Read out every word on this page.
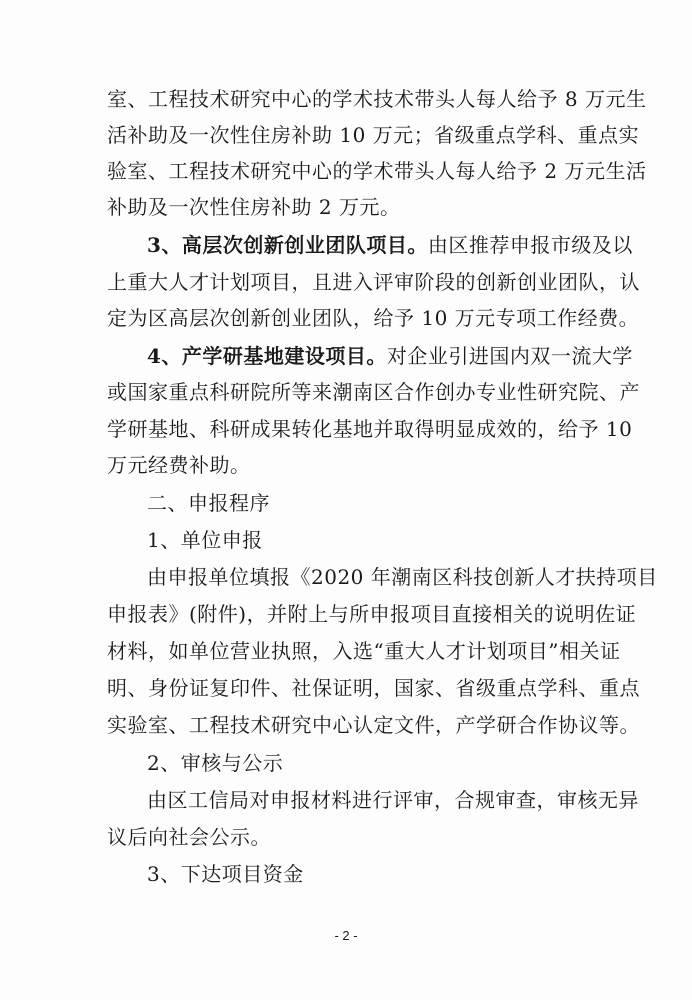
室、工程技术研究中心的学术技术带头人每人给予 8 万元生
活补助及一次性住房补助 10 万元；省级重点学科、重点实
验室、工程技术研究中心的学术带头人每人给予 2 万元生活
补助及一次性住房补助 2 万元。
3、高层次创新创业团队项目。 由区推荐申报市级及以
上重大人才计划项目，且进入评审阶段的创新创业团队，认
定为区高层次创新创业团队，给予 10 万元专项工作经费。
4、产学研基地建设项目。 对企业引进国内双一流大学
或国家重点科研院所等来潮南区合作创办专业性研究院、产
学研基地、科研成果转化基地并取得明显成效的，给予 10
万元经费补助。
二、申报程序
1、单位申报
由申报单位填报《2020 年潮南区科技创新人才扶持项目
申报表》(附件)，并附上与所申报项目直接相关的说明佐证
材料，如单位营业执照，入选“重大人才计划项目”相关证
明、身份证复印件、社保证明，国家、省级重点学科、重点
实验室、工程技术研究中心认定文件，产学研合作协议等。
2、审核与公示
由区工信局对申报材料进行评审，合规审查，审核无异
议后向社会公示。
3、下达项目资金
- 2 -
